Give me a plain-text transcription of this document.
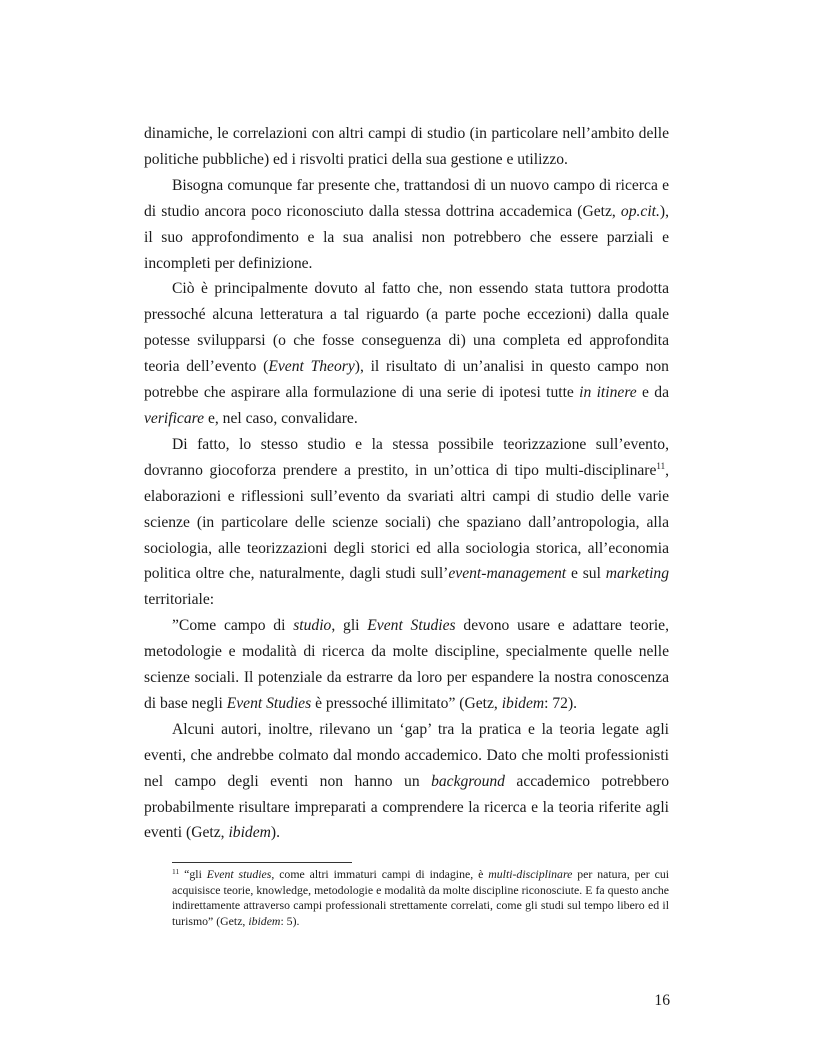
dinamiche, le correlazioni con altri campi di studio (in particolare nell’ambito delle politiche pubbliche) ed i risvolti pratici della sua gestione e utilizzo.

Bisogna comunque far presente che, trattandosi di un nuovo campo di ricerca e di studio ancora poco riconosciuto dalla stessa dottrina accademica (Getz, op.cit.), il suo approfondimento e la sua analisi non potrebbero che essere parziali e incompleti per definizione.

Ciò è principalmente dovuto al fatto che, non essendo stata tuttora prodotta pressoché alcuna letteratura a tal riguardo (a parte poche eccezioni) dalla quale potesse svilupparsi (o che fosse conseguenza di) una completa ed approfondita teoria dell’evento (Event Theory), il risultato di un’analisi in questo campo non potrebbe che aspirare alla formulazione di una serie di ipotesi tutte in itinere e da verificare e, nel caso, convalidare.

Di fatto, lo stesso studio e la stessa possibile teorizzazione sull’evento, dovranno giocoforza prendere a prestito, in un’ottica di tipo multi-disciplinare$^{11}$, elaborazioni e riflessioni sull’evento da svariati altri campi di studio delle varie scienze (in particolare delle scienze sociali) che spaziano dall’antropologia, alla sociologia, alle teorizzazioni degli storici ed alla sociologia storica, all’economia politica oltre che, naturalmente, dagli studi sull’event-management e sul marketing territoriale:

”Come campo di studio, gli Event Studies devono usare e adattare teorie, metodologie e modalità di ricerca da molte discipline, specialmente quelle nelle scienze sociali. Il potenziale da estrarre da loro per espandere la nostra conoscenza di base negli Event Studies è pressoché illimitato” (Getz, ibidem: 72).

Alcuni autori, inoltre, rilevano un ‘gap’ tra la pratica e la teoria legate agli eventi, che andrebbe colmato dal mondo accademico. Dato che molti professionisti nel campo degli eventi non hanno un background accademico potrebbero probabilmente risultare impreparati a comprendere la ricerca e la teoria riferite agli eventi (Getz, ibidem).

$^{11}$ “gli Event studies, come altri immaturi campi di indagine, è multi-disciplinare per natura, per cui acquisisce teorie, knowledge, metodologie e modalità da molte discipline riconosciute. E fa questo anche indirettamente attraverso campi professionali strettamente correlati, come gli studi sul tempo libero ed il turismo” (Getz, ibidem: 5).
16
